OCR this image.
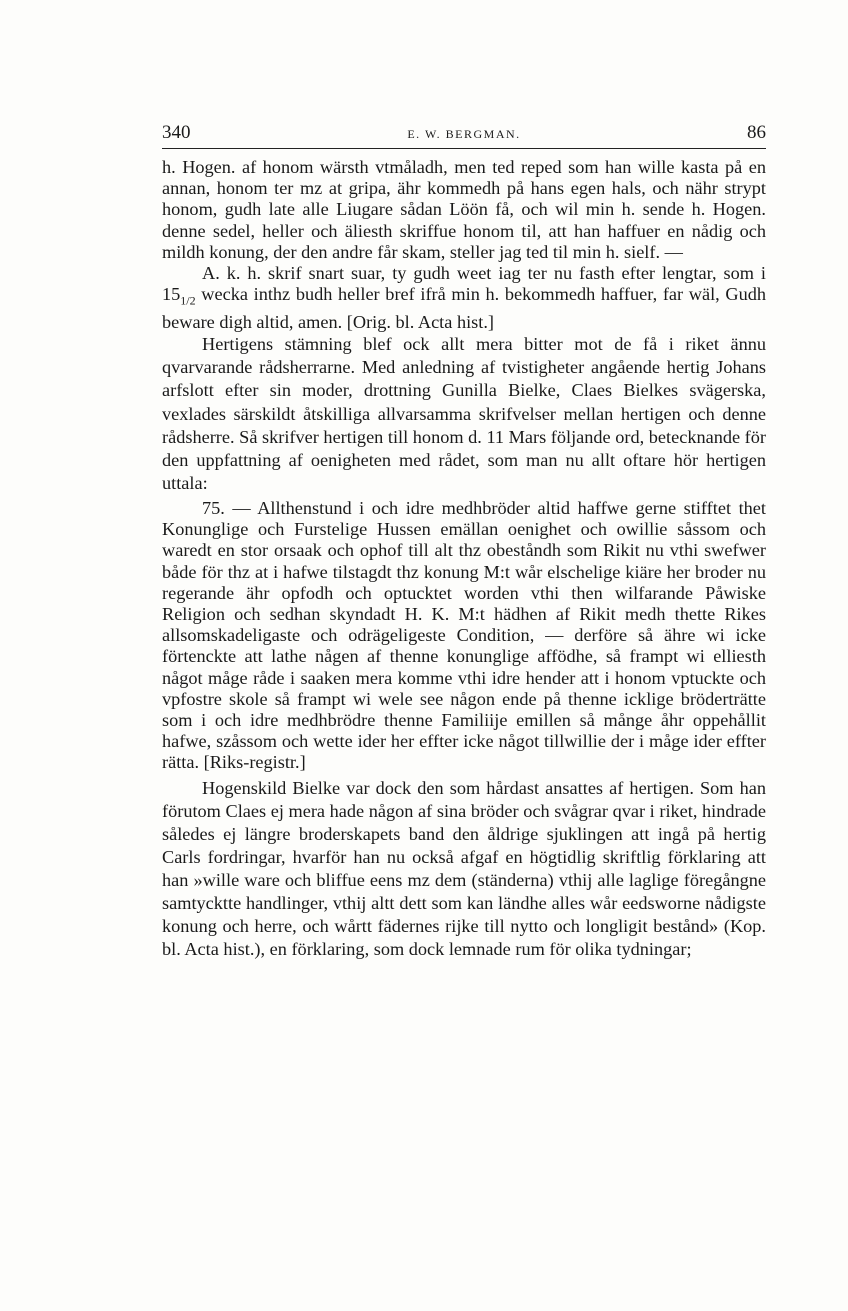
340	E. W. BERGMAN.	86

h. Hogen. af honom wärsth vtmåladh, men ted reped som han wille kasta på en annan, honom ter mz at gripa, ähr kommedh på hans egen hals, och nähr strypt honom, gudh late alle Liugare sådan Löön få, och wil min h. sende h. Hogen. denne sedel, heller och äliesth skriffue honom til, att han haffuer en nådig och mildh konung, der den andre får skam, steller jag ted til min h. sielf. —

A. k. h. skrif snart suar, ty gudh weet iag ter nu fasth efter lengtar, som i $15_{1/2}$ wecka inthz budh heller bref ifrå min h. bekommedh haffuer, far wäl, Gudh beware digh altid, amen. [Orig. bl. Acta hist.]

Hertigens stämning blef ock allt mera bitter mot de få i riket ännu qvarvarande rådsherrarne. Med anledning af tvistigheter angående hertig Johans arfslott efter sin moder, drottning Gunilla Bielke, Claes Bielkes svägerska, vexlades särskildt åtskilliga allvarsamma skrifvelser mellan hertigen och denne rådsherre. Så skrifver hertigen till honom d. 11 Mars följande ord, betecknande för den uppfattning af oenigheten med rådet, som man nu allt oftare hör hertigen uttala:

75. — Allthenstund i och idre medhbröder altid haffwe gerne stifftet thet Konunglige och Furstelige Hussen emällan oenighet och owillie såssom och waredt en stor orsaak och ophof till alt thz obeståndh som Rikit nu vthi swefwer både för thz at i hafwe tilstagdt thz konung M:t wår elschelige kiäre her broder nu regerande ähr opfodh och optucktet worden vthi then wilfarande Påwiske Religion och sedhan skyndadt H. K. M:t hädhen af Rikit medh thette Rikes allsomskadeligaste och odrägeligeste Condition, — derföre så ähre wi icke förtenckte att lathe någen af thenne konunglige affödhe, så frampt wi elliesth något måge råde i saaken mera komme vthi idre hender att i honom vptuckte och vpfostre skole så frampt wi wele see någon ende på thenne icklige bröderträtte som i och idre medhbrödre thenne Familiije emillen så månge åhr oppehållit hafwe, szåssom och wette ider her effter icke något tillwillie der i måge ider effter rätta. [Riks-registr.]

Hogenskild Bielke var dock den som hårdast ansattes af hertigen. Som han förutom Claes ej mera hade någon af sina bröder och svågrar qvar i riket, hindrade således ej längre broderskapets band den åldrige sjuklingen att ingå på hertig Carls fordringar, hvarför han nu också afgaf en högtidlig skriftlig förklaring att han »wille ware och bliffue eens mz dem (ständerna) vthij alle laglige föregångne samtycktte handlinger, vthij altt dett som kan ländhe alles wår eedsworne nådigste konung och herre, och wårtt fädernes rijke till nytto och longligit bestånd» (Kop. bl. Acta hist.), en förklaring, som dock lemnade rum för olika tydningar;
